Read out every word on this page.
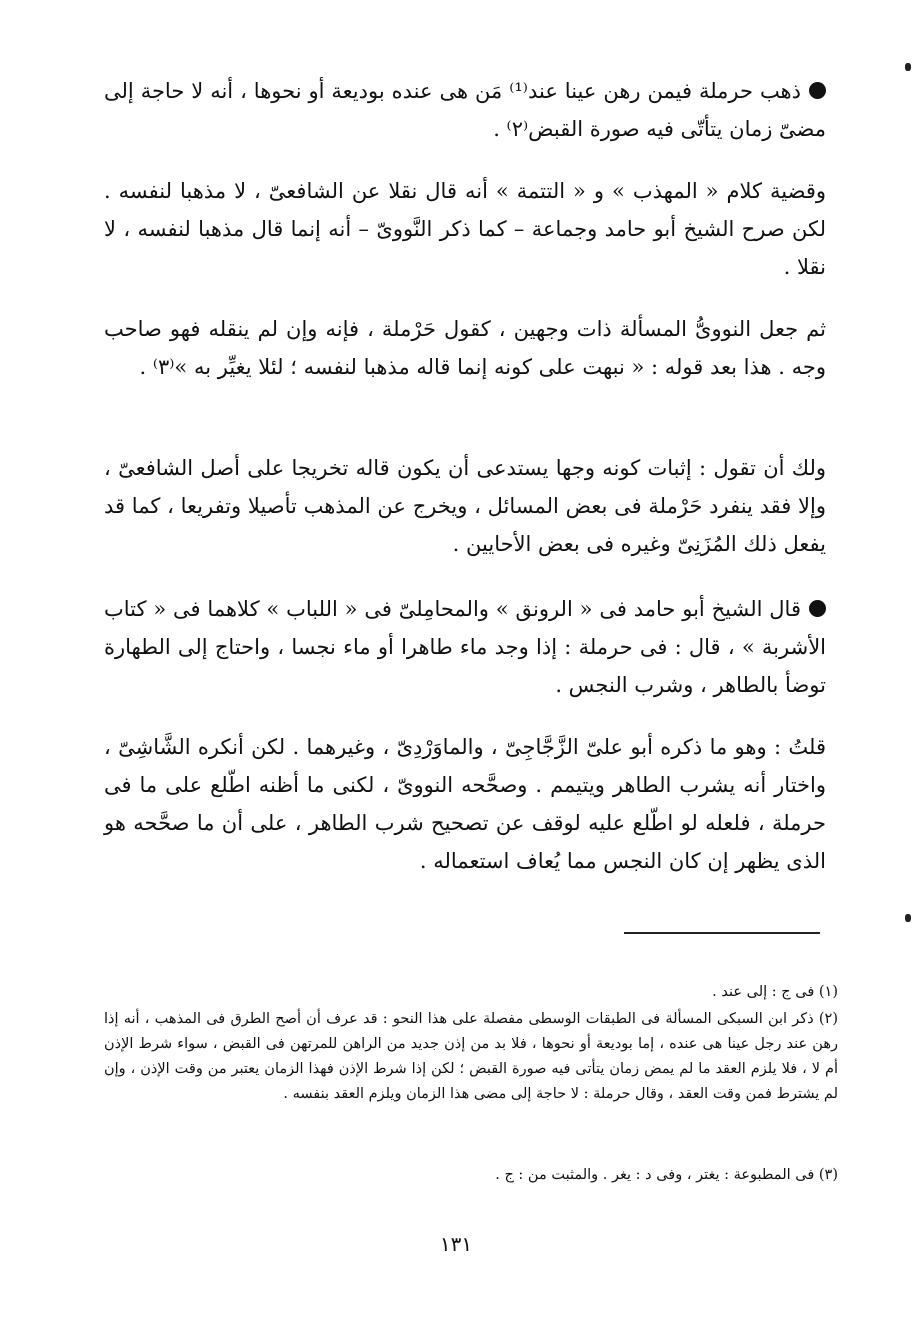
ذهب حرملة فيمن رهن عينا عند⁽¹⁾ مَن هى عنده بوديعة أو نحوها ، أنه لا حاجة إلى مضىّ زمان يتأتّى فيه صورة القبض⁽٢⁾ .
وقضية كلام « المهذب » و « التتمة » أنه قال نقلا عن الشافعىّ ، لا مذهبا لنفسه . لكن صرح الشيخ أبو حامد وجماعة – كما ذكر النَّووىّ – أنه إنما قال مذهبا لنفسه ، لا نقلا .
ثم جعل النووىُّ المسألة ذات وجهين ، كقول حَرْملة ، فإنه وإن لم ينقله فهو صاحب وجه . هذا بعد قوله : « نبهت على كونه إنما قاله مذهبا لنفسه ؛ لئلا يغيِّر به »⁽٣⁾ .
ولك أن تقول : إثبات كونه وجها يستدعى أن يكون قاله تخريجا على أصل الشافعىّ ، وإلا فقد ينفرد حَرْملة فى بعض المسائل ، ويخرج عن المذهب تأصيلا وتفريعا ، كما قد يفعل ذلك المُزَنِىّ وغيره فى بعض الأحايين .
قال الشيخ أبو حامد فى « الرونق » والمحامِلىّ فى « اللباب » كلاهما فى « كتاب الأشربة » ، قال : فى حرملة : إذا وجد ماء طاهرا أو ماء نجسا ، واحتاج إلى الطهارة توضأ بالطاهر ، وشرب النجس .
قلتُ : وهو ما ذكره أبو علىّ الزَّجَّاجِىّ ، والماوَرْدِىّ ، وغيرهما . لكن أنكره الشَّاشِىّ ، واختار أنه يشرب الطاهر ويتيمم . وصحَّحه النووىّ ، لكنى ما أظنه اطّلع على ما فى حرملة ، فلعله لو اطّلع عليه لوقف عن تصحيح شرب الطاهر ، على أن ما صحَّحه هو الذى يظهر إن كان النجس مما يُعاف استعماله .
(١) فى ج : إلى عند .
(٢) ذكر ابن السبكى المسألة فى الطبقات الوسطى مفصلة على هذا النحو : قد عرف أن أصح الطرق فى المذهب ، أنه إذا رهن عند رجل عينا هى عنده ، إما بوديعة أو نحوها ، فلا بد من إذن جديد من الراهن للمرتهن فى القبض ، سواء شرط الإذن أم لا ، فلا يلزم العقد ما لم يمض زمان يتأتى فيه صورة القبض ؛ لكن إذا شرط الإذن فهذا الزمان يعتبر من وقت الإذن ، وإن لم يشترط فمن وقت العقد ، وقال حرملة : لا حاجة إلى مضى هذا الزمان ويلزم العقد بنفسه .
(٣) فى المطبوعة : يغتر ، وفى د : يغر . والمثبت من : ج .
١٣١
